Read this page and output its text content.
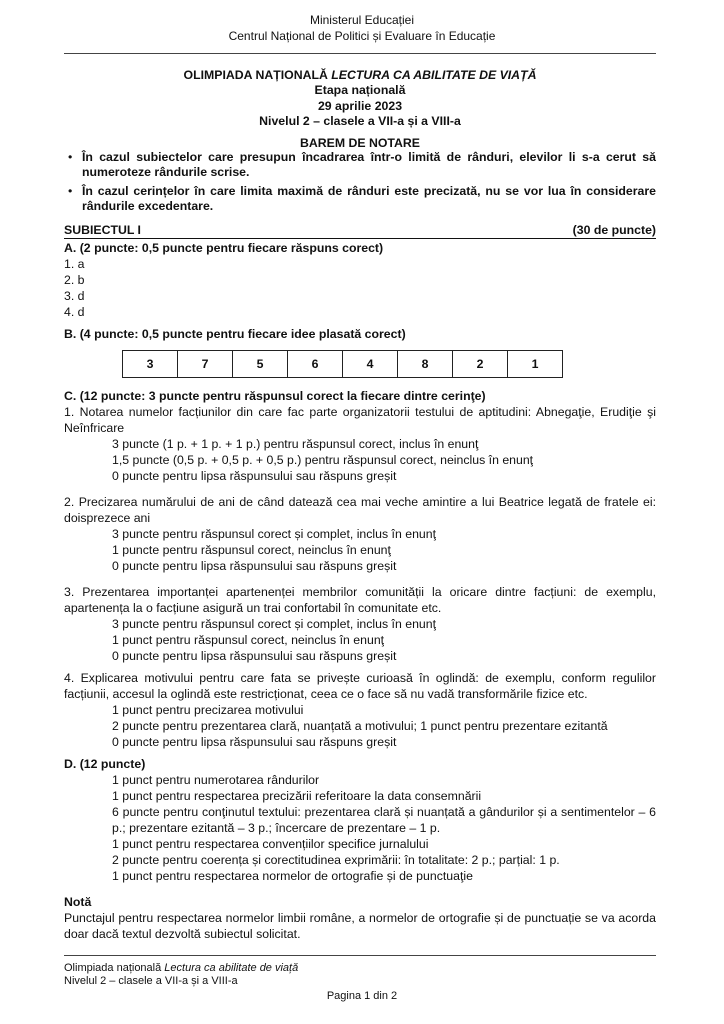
Ministerul Educației
Centrul Național de Politici și Evaluare în Educație
OLIMPIADA NAȚIONALĂ LECTURA CA ABILITATE DE VIAȚĂ
Etapa națională
29 aprilie 2023
Nivelul 2 – clasele a VII-a și a VIII-a
BAREM DE NOTARE
• În cazul subiectelor care presupun încadrarea într-o limită de rânduri, elevilor li s-a cerut să numeroteze rândurile scrise.
• În cazul cerințelor în care limita maximă de rânduri este precizată, nu se vor lua în considerare rândurile excedentare.
SUBIECTUL I	(30 de puncte)
A. (2 puncte: 0,5 puncte pentru fiecare răspuns corect)
1. a
2. b
3. d
4. d
B. (4 puncte: 0,5 puncte pentru fiecare idee plasată corect)
3	7	5	6	4	8	2	1
C. (12 puncte: 3 puncte pentru răspunsul corect la fiecare dintre cerinţe)
1. Notarea numelor facțiunilor din care fac parte organizatorii testului de aptitudini: Abnegaţie, Erudiţie şi Neînfricare
3 puncte (1 p. + 1 p. + 1 p.) pentru răspunsul corect, inclus în enunţ
1,5 puncte (0,5 p. + 0,5 p. + 0,5 p.) pentru răspunsul corect, neinclus în enunţ
0 puncte pentru lipsa răspunsului sau răspuns greșit
2. Precizarea numărului de ani de când datează cea mai veche amintire a lui Beatrice legată de fratele ei: doisprezece ani
3 puncte pentru răspunsul corect și complet, inclus în enunţ
1 puncte pentru răspunsul corect, neinclus în enunţ
0 puncte pentru lipsa răspunsului sau răspuns greșit
3. Prezentarea importanței apartenenței membrilor comunității la oricare dintre facțiuni: de exemplu, apartenența la o facțiune asigură un trai confortabil în comunitate etc.
3 puncte pentru răspunsul corect și complet, inclus în enunţ
1 punct pentru răspunsul corect, neinclus în enunţ
0 puncte pentru lipsa răspunsului sau răspuns greșit
4. Explicarea motivului pentru care fata se privește curioasă în oglindă: de exemplu, conform regulilor facțiunii, accesul la oglindă este restricționat, ceea ce o face să nu vadă transformările fizice etc.
1 punct pentru precizarea motivului
2 puncte pentru prezentarea clară, nuanțată a motivului; 1 punct pentru prezentare ezitantă
0 puncte pentru lipsa răspunsului sau răspuns greșit
D. (12 puncte)
1 punct pentru numerotarea rândurilor
1 punct pentru respectarea precizării referitoare la data consemnării
6 puncte pentru conţinutul textului: prezentarea clară și nuanțată a gândurilor și a sentimentelor – 6 p.; prezentare ezitantă – 3 p.; încercare de prezentare – 1 p.
1 punct pentru respectarea convențiilor specifice jurnalului
2 puncte pentru coerența și corectitudinea exprimării: în totalitate: 2 p.; parțial: 1 p.
1 punct pentru respectarea normelor de ortografie și de punctuaţie
Notă
Punctajul pentru respectarea normelor limbii române, a normelor de ortografie și de punctuație se va acorda doar dacă textul dezvoltă subiectul solicitat.
Olimpiada națională Lectura ca abilitate de viață
Nivelul 2 – clasele a VII-a și a VIII-a
Pagina 1 din 2
